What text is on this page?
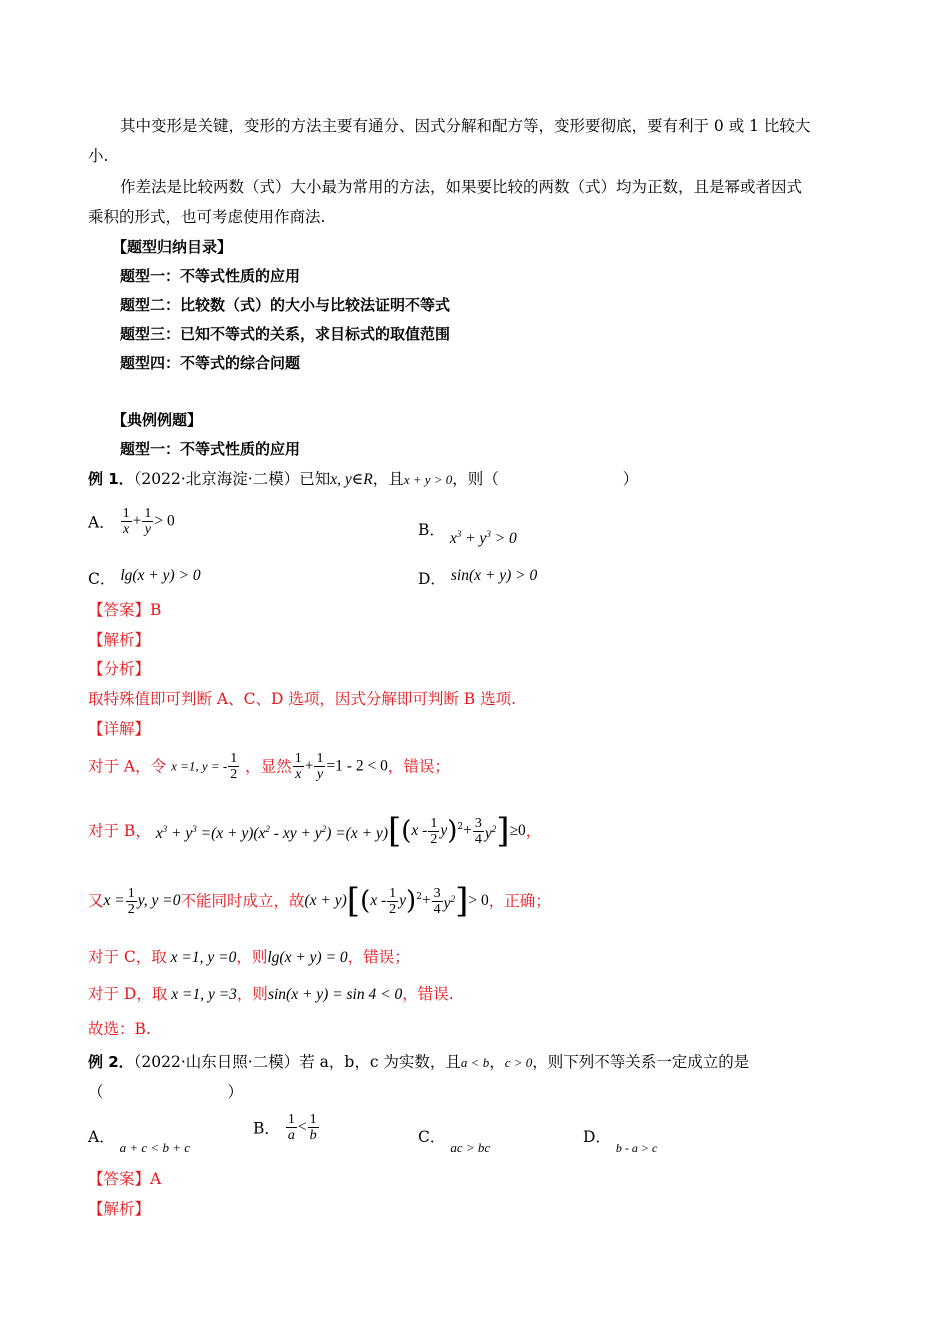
其中变形是关键，变形的方法主要有通分、因式分解和配方等，变形要彻底，要有利于 0 或 1 比较大
小.
作差法是比较两数（式）大小最为常用的方法，如果要比较的两数（式）均为正数，且是幂或者因式
乘积的形式，也可考虑使用作商法.
【题型归纳目录】
题型一：不等式性质的应用
题型二：比较数（式）的大小与比较法证明不等式
题型三：已知不等式的关系，求目标式的取值范围
题型四：不等式的综合问题
【典例例题】
题型一：不等式性质的应用
例 1．（2022·北京海淀·二模）已知x, y∈R，且x + y > 0，则（　　　　　　　　）
A． $\frac{1}{x} + \frac{1}{y} > 0$	B． $x^3 + y^3 > 0$
C． lg(x + y) > 0	D． sin(x + y) > 0
【答案】B
【解析】
【分析】
取特殊值即可判断 A、C、D 选项，因式分解即可判断 B 选项.
【详解】
对于 A，令 x =1, y = - $\frac{1}{2}$ ，显然 $\frac{1}{x} + \frac{1}{y} =1 - 2 < 0$，错误；
对于 B， $x^3 + y^3 =(x + y)(x^2$ - xy + $y^2) =(x + y)[(x - \frac{1}{2} y)^2+ \frac{3}{4} y^2]\ge 0$，
又$x = \frac{1}{2} y$, y =0不能同时成立，故$(x + y)[(x - \frac{1}{2} y)^2+ \frac{3}{4} y^2]> 0$，正确；
对于 C，取 x =1, y =0，则lg(x + y) = 0，错误；
对于 D，取 x =1, y =3，则sin(x + y) = sin 4 < 0，错误.
故选：B.
例 2．（2022·山东日照·二模）若 a，b，c 为实数，且a < b，c > 0，则下列不等关系一定成立的是
（　　　　　　　　）
A． $_{a + c < b + c}$
B． $\frac{1}{a} < \frac{1}{b}$	C． $_{ac > bc}$
D． $_{b - a > c}$
【答案】A
【解析】
